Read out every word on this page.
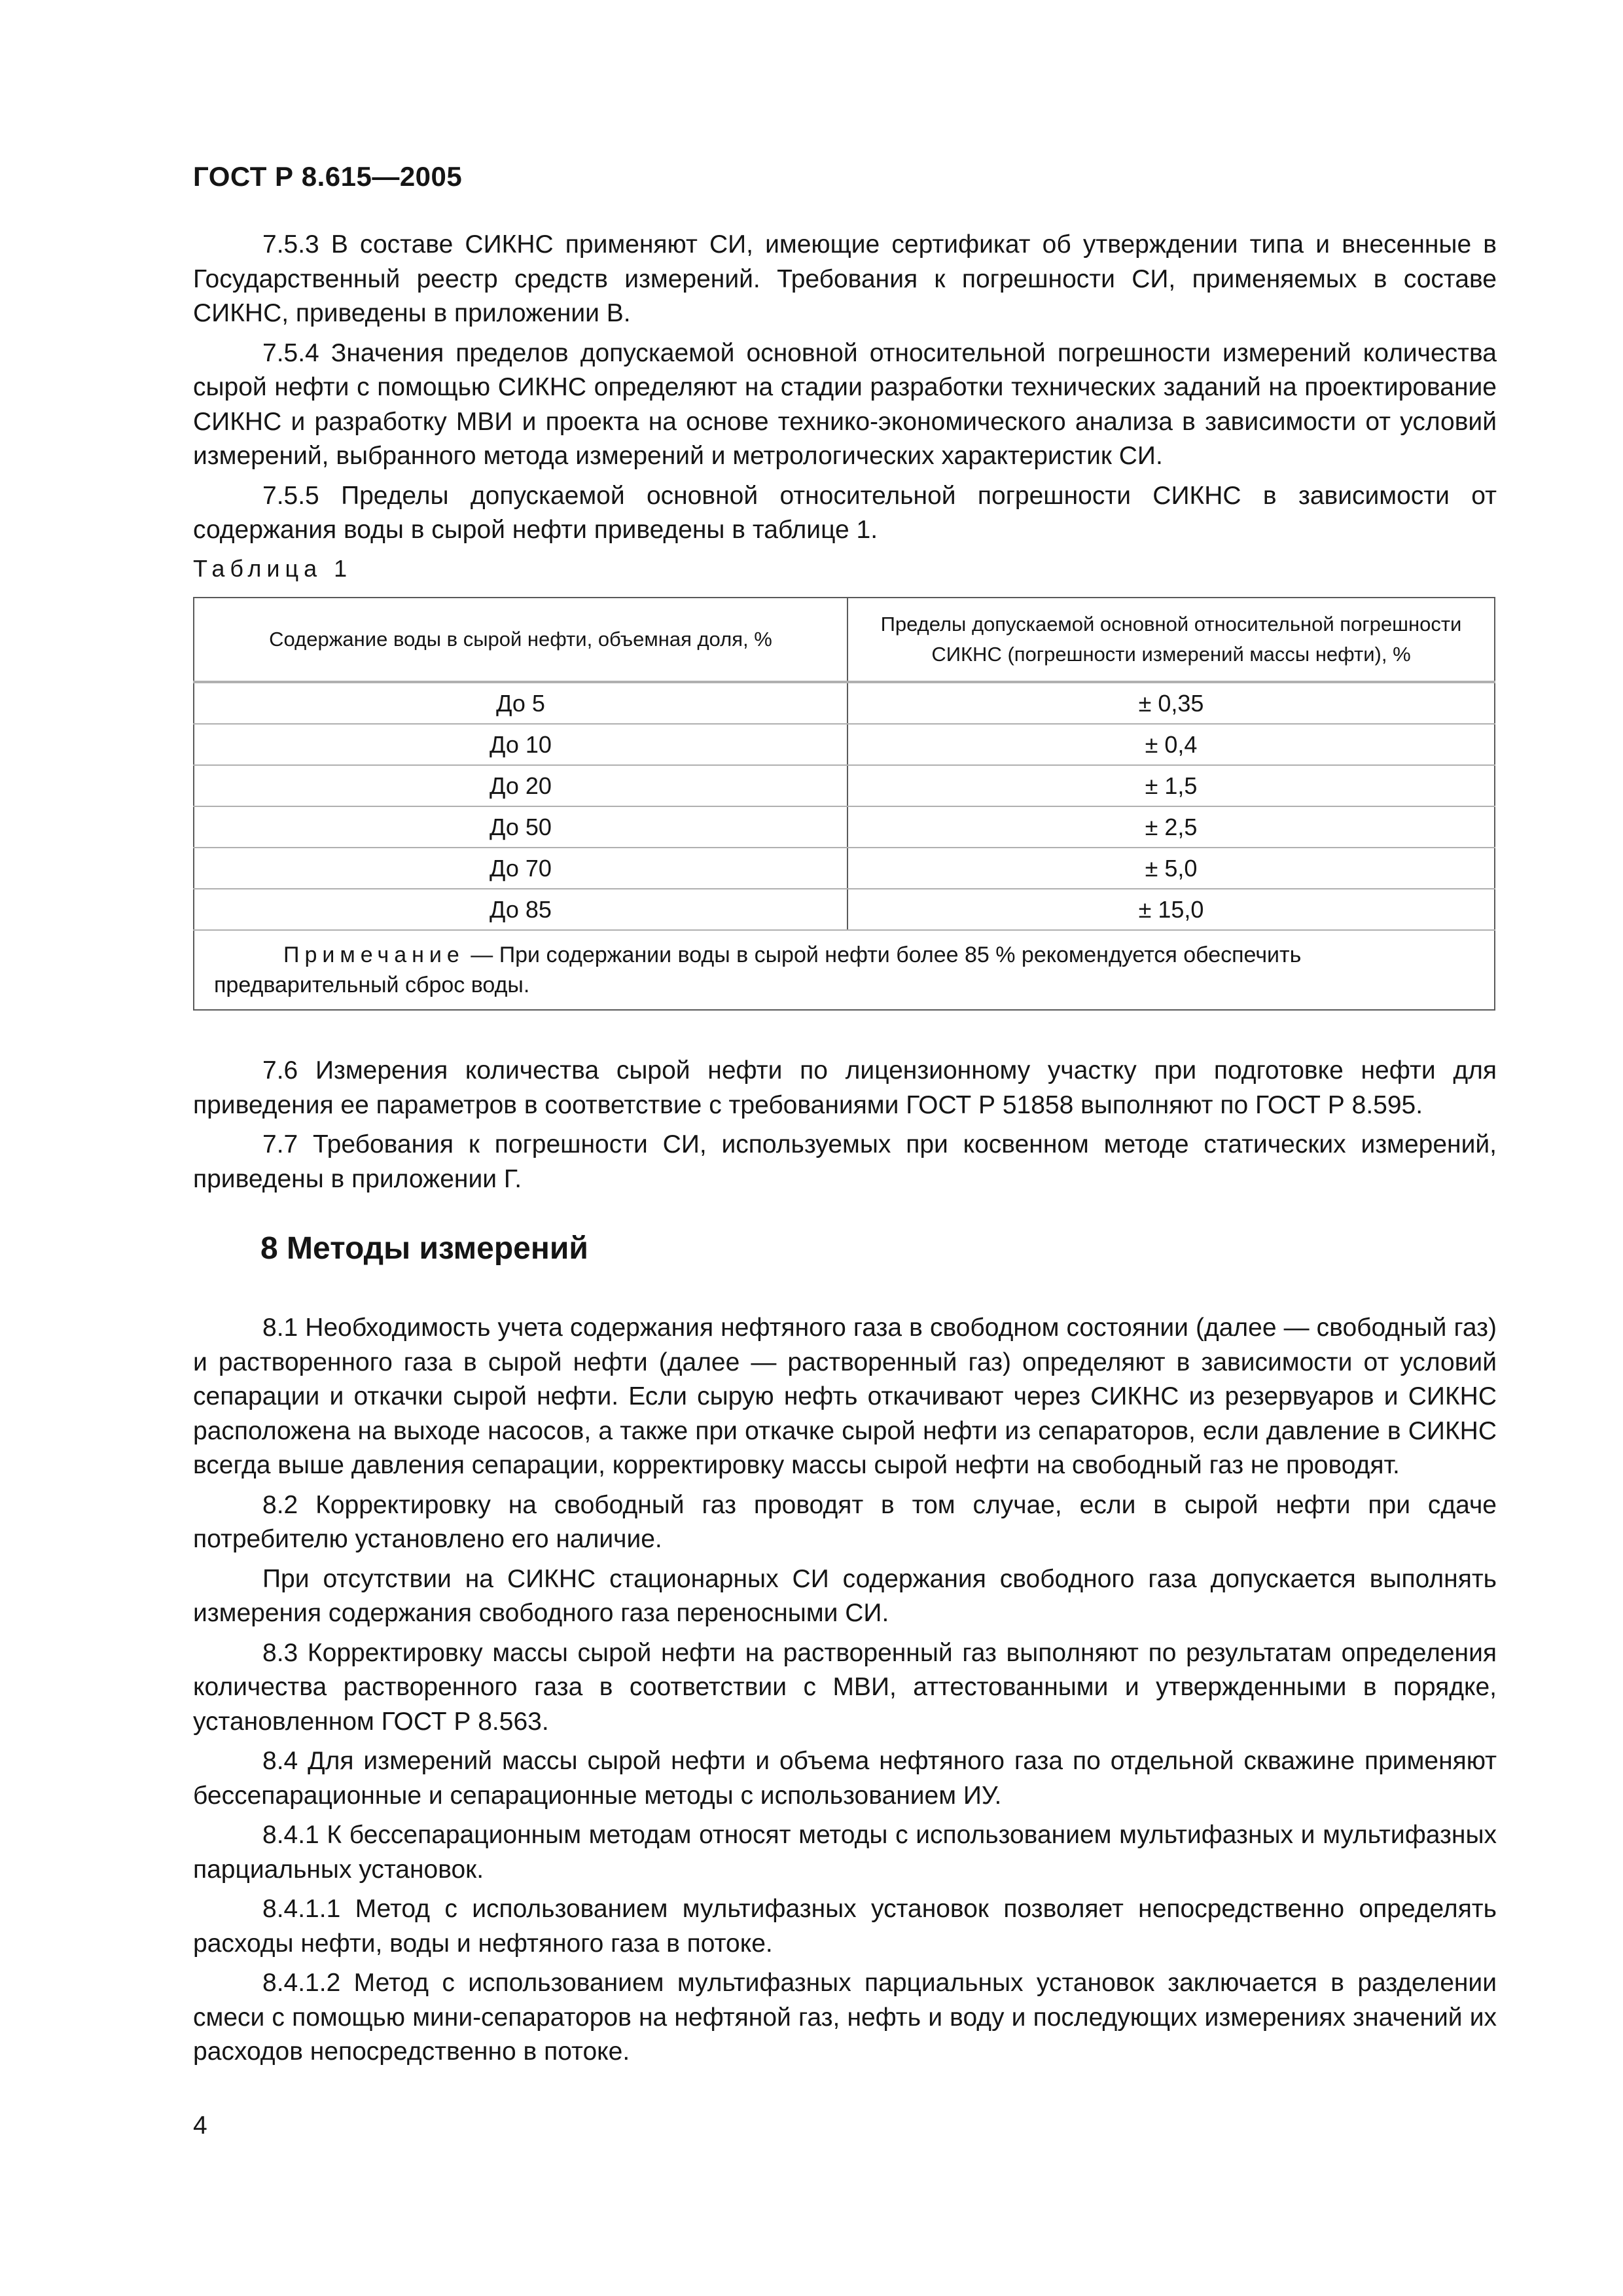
ГОСТ Р 8.615—2005

7.5.3 В составе СИКНС применяют СИ, имеющие сертификат об утверждении типа и внесенные в Государственный реестр средств измерений. Требования к погрешности СИ, применяемых в составе СИКНС, приведены в приложении В.

7.5.4 Значения пределов допускаемой основной относительной погрешности измерений количества сырой нефти с помощью СИКНС определяют на стадии разработки технических заданий на проектирование СИКНС и разработку МВИ и проекта на основе технико-экономического анализа в зависимости от условий измерений, выбранного метода измерений и метрологических характеристик СИ.

7.5.5 Пределы допускаемой основной относительной погрешности СИКНС в зависимости от содержания воды в сырой нефти приведены в таблице 1.

Таблица 1
Содержание воды в сырой нефти, объемная доля, %	Пределы допускаемой основной относительной погрешности СИКНС (погрешности измерений массы нефти), %
До 5	± 0,35
До 10	± 0,4
До 20	± 1,5
До 50	± 2,5
До 70	± 5,0
До 85	± 15,0
Примечание — При содержании воды в сырой нефти более 85 % рекомендуется обеспечить предварительный сброс воды.	

7.6 Измерения количества сырой нефти по лицензионному участку при подготовке нефти для приведения ее параметров в соответствие с требованиями ГОСТ Р 51858 выполняют по ГОСТ Р 8.595.

7.7 Требования к погрешности СИ, используемых при косвенном методе статических измерений, приведены в приложении Г.

8 Методы измерений

8.1 Необходимость учета содержания нефтяного газа в свободном состоянии (далее — свободный газ) и растворенного газа в сырой нефти (далее — растворенный газ) определяют в зависимости от условий сепарации и откачки сырой нефти. Если сырую нефть откачивают через СИКНС из резервуаров и СИКНС расположена на выходе насосов, а также при откачке сырой нефти из сепараторов, если давление в СИКНС всегда выше давления сепарации, корректировку массы сырой нефти на свободный газ не проводят.

8.2 Корректировку на свободный газ проводят в том случае, если в сырой нефти при сдаче потребителю установлено его наличие.

При отсутствии на СИКНС стационарных СИ содержания свободного газа допускается выполнять измерения содержания свободного газа переносными СИ.

8.3 Корректировку массы сырой нефти на растворенный газ выполняют по результатам определения количества растворенного газа в соответствии с МВИ, аттестованными и утвержденными в порядке, установленном ГОСТ Р 8.563.

8.4 Для измерений массы сырой нефти и объема нефтяного газа по отдельной скважине применяют бессепарационные и сепарационные методы с использованием ИУ.

8.4.1 К бессепарационным методам относят методы с использованием мультифазных и мультифазных парциальных установок.

8.4.1.1 Метод с использованием мультифазных установок позволяет непосредственно определять расходы нефти, воды и нефтяного газа в потоке.

8.4.1.2 Метод с использованием мультифазных парциальных установок заключается в разделении смеси с помощью мини-сепараторов на нефтяной газ, нефть и воду и последующих измерениях значений их расходов непосредственно в потоке.

4
